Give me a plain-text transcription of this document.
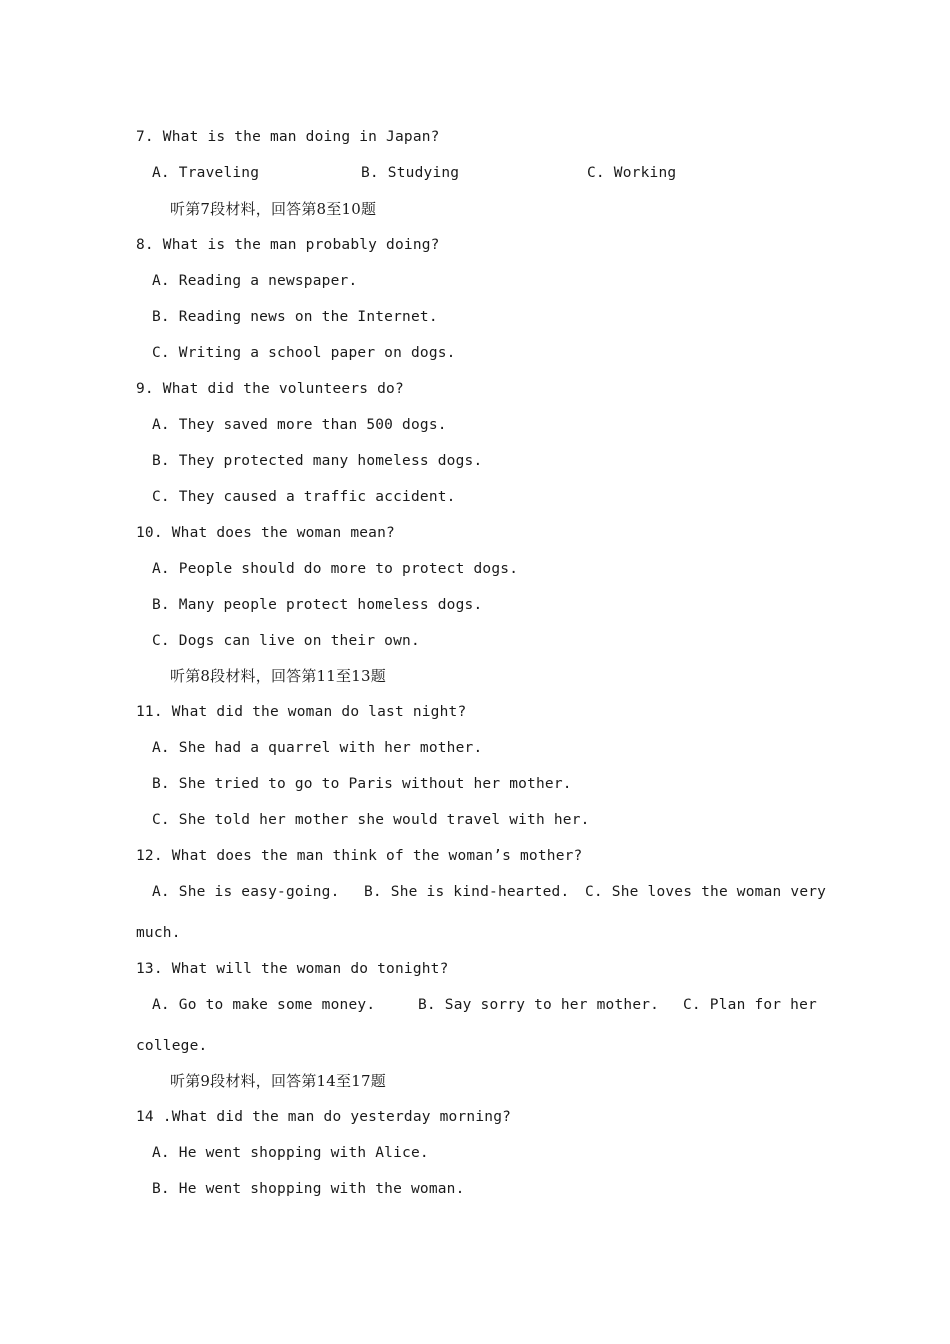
7. What is the man doing in Japan?
A. Traveling	B. Studying	C. Working
听第7段材料，回答第8至10题
8. What is the man probably doing?
A. Reading a newspaper.
B. Reading news on the Internet.
C. Writing a school paper on dogs.
9. What did the volunteers do?
A. They saved more than 500 dogs.
B. They protected many homeless dogs.
C. They caused a traffic accident.
10. What does the woman mean?
A. People should do more to protect dogs.
B. Many people protect homeless dogs.
C. Dogs can live on their own.
听第8段材料，回答第11至13题
11. What did the woman do last night?
A. She had a quarrel with her mother.
B. She tried to go to Paris without her mother.
C. She told her mother she would travel with her.
12. What does the man think of the woman’s mother?
A. She is easy-going. B. She is kind-hearted. C. She loves the woman very
much.
13. What will the woman do tonight?
A. Go to make some money.	B. Say sorry to her mother. C. Plan for her
college.
听第9段材料，回答第14至17题
14 .What did the man do yesterday morning?
A. He went shopping with Alice.
B. He went shopping with the woman.
